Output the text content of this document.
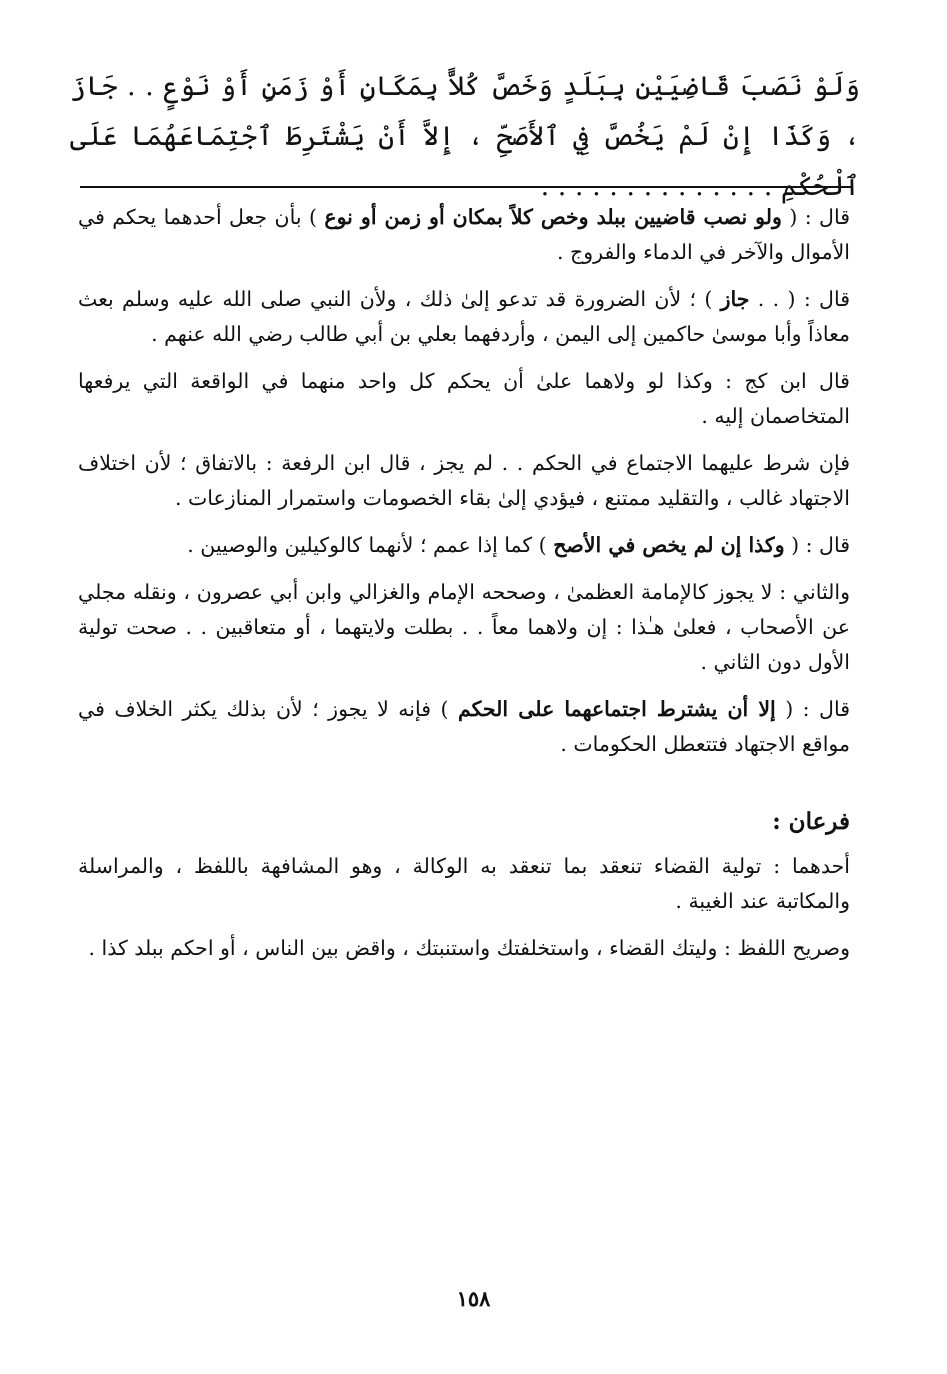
وَلَوْ نَصَبَ قَاضِيَيْنِ بِبَلَدٍ وَخَصَّ كُلاًّ بِمَكَانٍ أَوْ زَمَنٍ أَوْ نَوْعٍ . . جَازَ ، وَكَذَا إِنْ لَمْ يَخُصَّ فِي ٱلأَصَحِّ ، إِلاَّ أَنْ يَشْتَرِطَ ٱجْتِمَاعَهُمَا عَلَى ٱلْحُكْمِ . . . . . . . . . . . . . .

قال : ( ولو نصب قاضيين ببلد وخص كلاً بمكان أو زمن أو نوع ) بأن جعل أحدهما يحكم في الأموال والآخر في الدماء والفروج .

قال : ( . . جاز ) ؛ لأن الضرورة قد تدعو إلىٰ ذلك ، ولأن النبي صلى الله عليه وسلم بعث معاذاً وأبا موسىٰ حاكمين إلى اليمن ، وأردفهما بعلي بن أبي طالب رضي الله عنهم .

قال ابن كج : وكذا لو ولاهما علىٰ أن يحكم كل واحد منهما في الواقعة التي يرفعها المتخاصمان إليه .

فإن شرط عليهما الاجتماع في الحكم . . لم يجز ، قال ابن الرفعة : بالاتفاق ؛ لأن اختلاف الاجتهاد غالب ، والتقليد ممتنع ، فيؤدي إلىٰ بقاء الخصومات واستمرار المنازعات .

قال : ( وكذا إن لم يخص في الأصح ) كما إذا عمم ؛ لأنهما كالوكيلين والوصيين .

والثاني : لا يجوز كالإمامة العظمىٰ ، وصححه الإمام والغزالي وابن أبي عصرون ، ونقله مجلي عن الأصحاب ، فعلىٰ هـٰذا : إن ولاهما معاً . . بطلت ولايتهما ، أو متعاقبين . . صحت تولية الأول دون الثاني .

قال : ( إلا أن يشترط اجتماعهما على الحكم ) فإنه لا يجوز ؛ لأن بذلك يكثر الخلاف في مواقع الاجتهاد فتتعطل الحكومات .

فرعان :

أحدهما : تولية القضاء تنعقد بما تنعقد به الوكالة ، وهو المشافهة باللفظ ، والمراسلة والمكاتبة عند الغيبة .

وصريح اللفظ : وليتك القضاء ، واستخلفتك واستنبتك ، واقض بين الناس ، أو احكم ببلد كذا .

١٥٨
